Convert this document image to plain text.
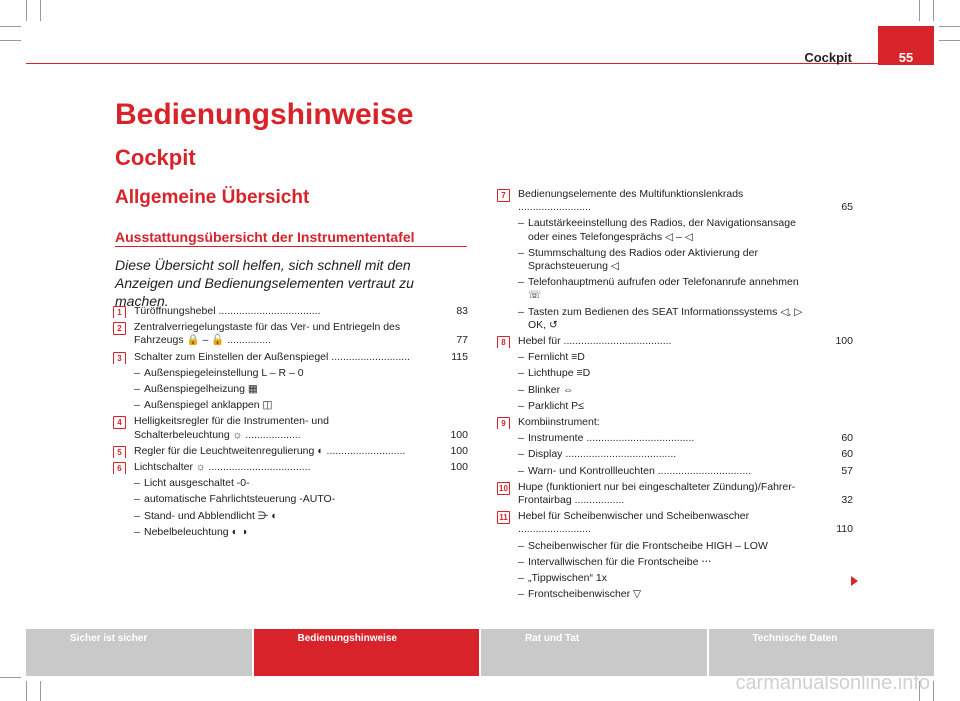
Cockpit	55
Bedienungshinweise
Cockpit
Allgemeine Übersicht
Ausstattungsübersicht der Instrumententafel
Diese Übersicht soll helfen, sich schnell mit den Anzeigen und Bedienungselementen vertraut zu machen.
1	Türöffnungshebel ...................................	83
2	Zentralverriegelungstaste für das Ver- und Entriegeln des Fahrzeugs 🔒 – 🔓 ...............	77
3	Schalter zum Einstellen der Außenspiegel ...........................	115
– Außenspiegeleinstellung L – R – 0
– Außenspiegelheizung ▦
– Außenspiegel anklappen ◫
4	Helligkeitsregler für die Instrumenten- und Schalterbeleuchtung ☼ ...................	100
5	Regler für die Leuchtweitenregulierung ◐ ...........................	100
6	Lichtschalter ☼ ...................................	100
– Licht ausgeschaltet -0-
– automatische Fahrlichtsteuerung -AUTO-
– Stand- und Abblendlicht ⋺ ◐
– Nebelbeleuchtung ◐ ◑
7	Bedienungselemente des Multifunktionslenkrads .........................	65
– Lautstärkeeinstellung des Radios, der Navigationsansage oder eines Telefongesprächs ◁ – ◁
– Stummschaltung des Radios oder Aktivierung der Sprachsteuerung ◁
– Telefonhauptmenü aufrufen oder Telefonanrufe annehmen ☏
– Tasten zum Bedienen des SEAT Informationssystems ◁, ▷ OK, ↺
8	Hebel für .....................................	100
– Fernlicht ≡D
– Lichthupe ≡D
– Blinker ⇔
– Parklicht P≤
9	Kombiinstrument:
– Instrumente .....................................	60
– Display ......................................	60
– Warn- und Kontrollleuchten ................................	57
10 Hupe (funktioniert nur bei eingeschalteter Zündung)/Fahrer-Frontairbag .................	32
11 Hebel für Scheibenwischer und Scheibenwascher .........................	110
– Scheibenwischer für die Frontscheibe HIGH – LOW
– Intervallwischen für die Frontscheibe ⋅⋅⋅
– „Tippwischen“ 1x
– Frontscheibenwischer ▽
Sicher ist sicher	Bedienungshinweise	Rat und Tat	Technische Daten
carmanualsonline.info
